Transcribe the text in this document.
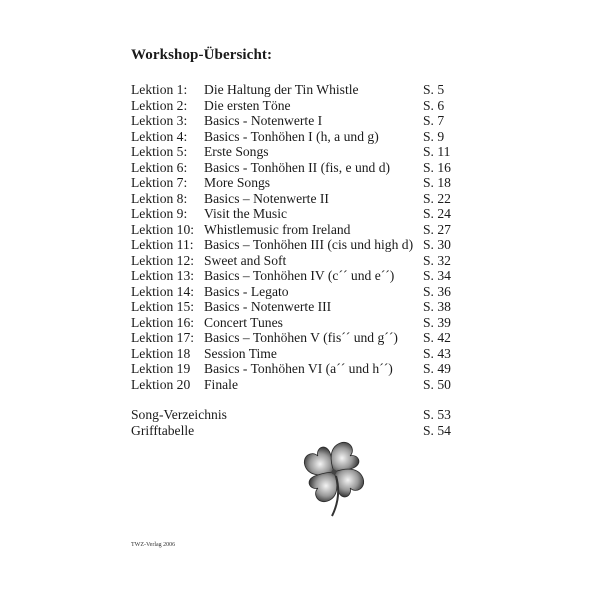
Workshop-Übersicht:
Lektion 1: Die Haltung der Tin Whistle	S. 5
Lektion 2: Die ersten Töne	S. 6
Lektion 3: Basics - Notenwerte I	S. 7
Lektion 4: Basics - Tonhöhen I (h, a und g)	S. 9
Lektion 5: Erste Songs	S. 11
Lektion 6: Basics - Tonhöhen II (fis, e und d) S. 16
Lektion 7: More Songs	S. 18
Lektion 8: Basics – Notenwerte II	S. 22
Lektion 9: Visit the Music	S. 24
Lektion 10: Whistlemusic from Ireland	S. 27
Lektion 11: Basics – Tonhöhen III (cis und high d) S. 30
Lektion 12: Sweet and Soft	S. 32
Lektion 13: Basics – Tonhöhen IV (c´´ und e´´) S. 34
Lektion 14: Basics - Legato	S. 36
Lektion 15: Basics - Notenwerte III	S. 38
Lektion 16: Concert Tunes	S. 39
Lektion 17: Basics – Tonhöhen V (fis´´ und g´´) S. 42
Lektion 18 Session Time	S. 43
Lektion 19 Basics - Tonhöhen VI (a´´ und h´´) S. 49
Lektion 20 Finale	S. 50
Song-Verzeichnis	S. 53
Grifftabelle	S. 54
TWZ-Verlag 2006
